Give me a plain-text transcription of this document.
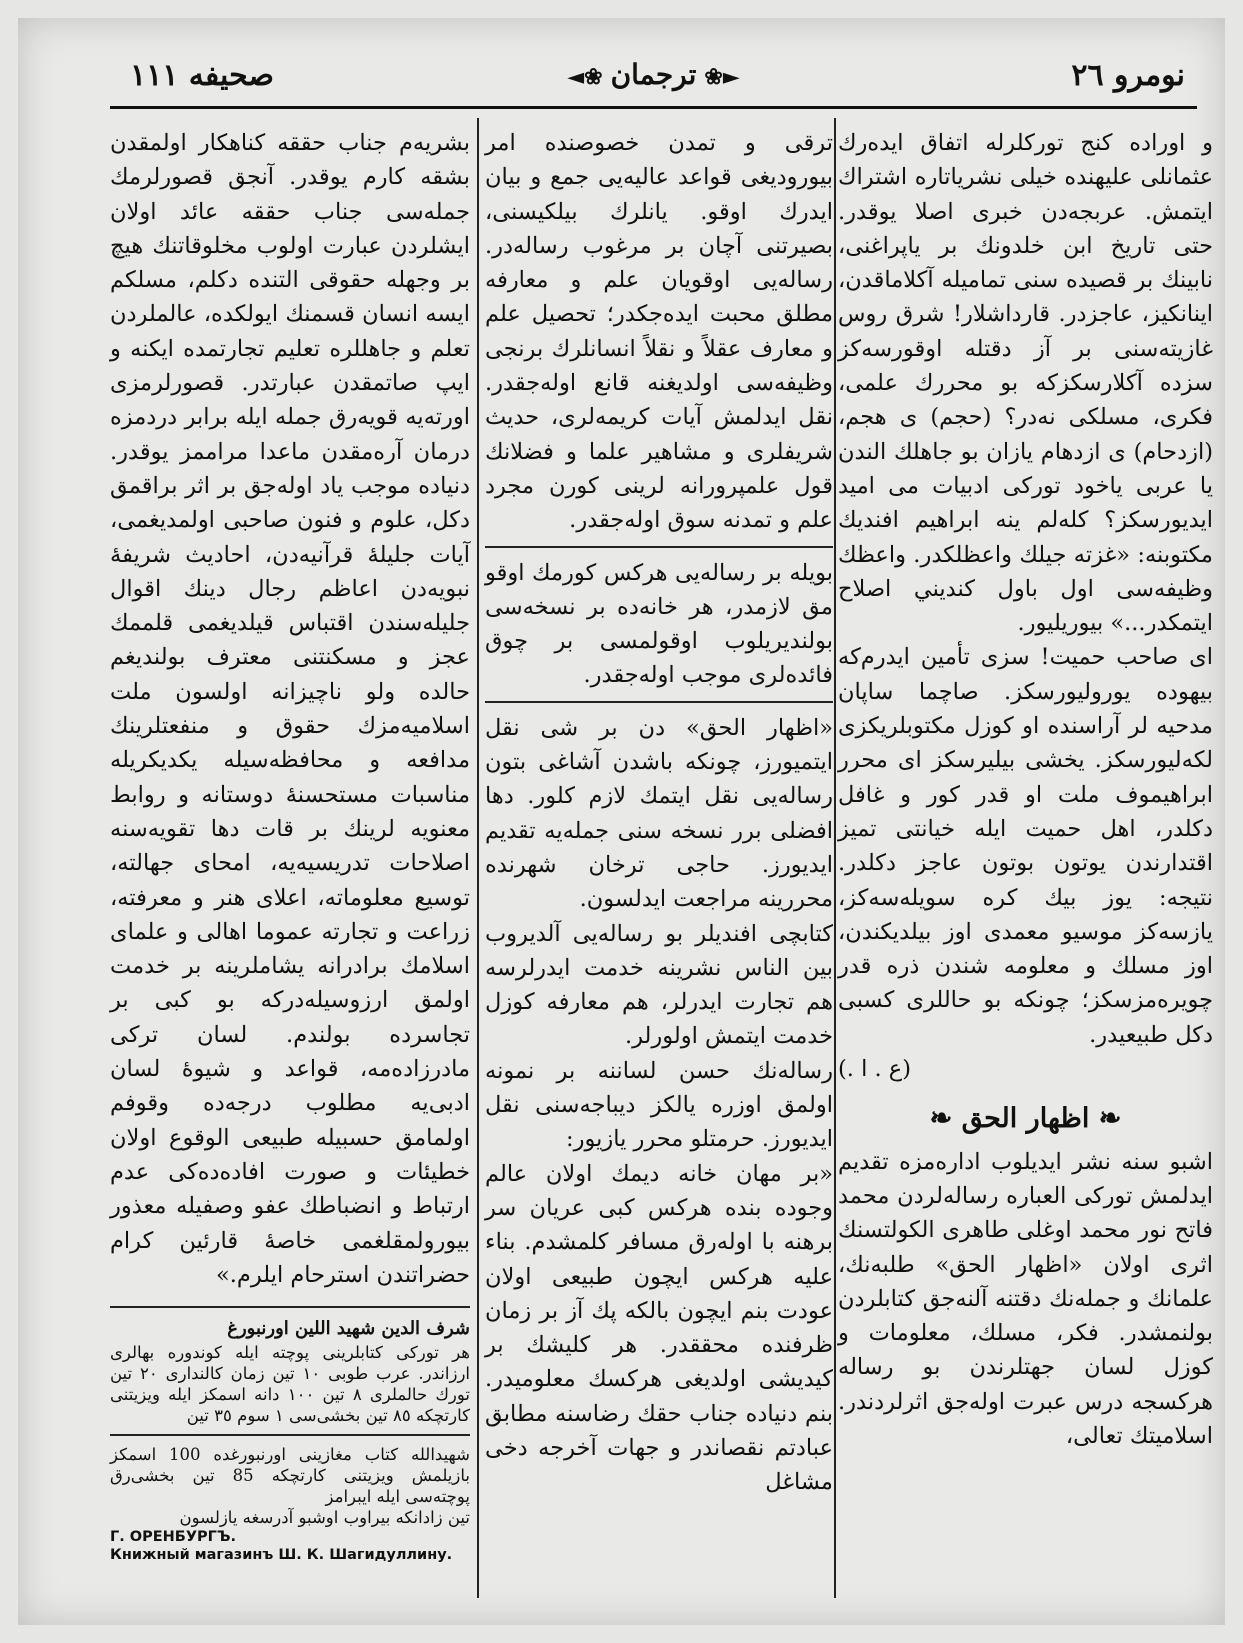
صحيفه ١١١	◄❀ ترجمان ❀►	نومرو ٢٦

و اوراده كنج توركلرله اتفاق ايده‌رك عثمانلى عليهنده خيلى نشرياتاره اشتراك ايتمش. عربجه‌دن خبرى اصلا يوقدر. حتى تاريخ ابن خلدونك بر ياپراغنى، نابينك بر قصيده سنى تماميله آكلاماقدن، اينانكيز، عاجزدر. قارداشلار! شرق روس غازيته‌سنى بر آز دقتله اوقورسه‌كز سزده آكلارسكزكه بو محررك علمى، فكرى، مسلكى نه‌در؟ (حجم) ى هجم، (ازدحام) ى ازدهام يازان بو جاهلك الندن يا عربى ياخود توركى ادبيات مى اميد ايديورسكز؟ كله‌لم ينه ابراهيم افنديك مكتوبنه: «غزته جيلك واعظلكدر. واعظك وظيفه‌سى اول باول كنديني اصلاح ايتمكدر...» بيوريليور.

اى صاحب حميت! سزى تأمين ايدرم‌كه بيهوده يوروليورسكز. صاچما ساپان مدحيه لر آراسنده او كوزل مكتوبلريكزى لكه‌ليورسكز. يخشى بيليرسكز اى محرر ابراهيموف ملت او قدر كور و غافل دكلدر، اهل حميت ايله خيانتى تميز اقتدارندن يوتون بوتون عاجز دكلدر. نتيجه: يوز بيك كره سويله‌سه‌كز، يازسه‌كز موسيو معمدى اوز بيلديكندن، اوز مسلك و معلومه شندن ذره قدر چويره‌مزسكز؛ چونكه بو حاللرى كسبى دكل طبيعيدر.

(ع . ا .)

❧ اظهار الحق ❧

اشبو سنه نشر ايديلوب اداره‌مزه تقديم ايدلمش توركى العباره رساله‌لردن محمد فاتح نور محمد اوغلى طاهرى الكولتسنك اثرى اولان «اظهار الحق» طلبه‌نك، علمانك و جمله‌نك دقتنه آلنه‌جق كتابلردن بولنمشدر. فكر، مسلك، معلومات و كوزل لسان جهتلرندن بو رساله هركسجه درس عبرت اوله‌جق اثرلردندر. اسلاميتك تعالى،

ترقى و تمدن خصوصنده امر بيوروديغى قواعد عاليه‌يى جمع و بيان ايدرك اوقو. يانلرك بيلكيسنى، بصيرتنى آچان بر مرغوب رساله‌در. رساله‌يى اوقويان علم و معارفه مطلق محبت ايده‌جكدر؛ تحصيل علم و معارف عقلاً و نقلاً انسانلرك برنجى وظيفه‌سى اولديغنه قانع اوله‌جقدر. نقل ايدلمش آيات كريمه‌لرى، حديث شريفلرى و مشاهير علما و فضلانك قول علمپرورانه لرينى كورن مجرد علم و تمدنه سوق اوله‌جقدر.

بويله بر رساله‌يى هركس كورمك اوقو مق لازمدر، هر خانه‌ده بر نسخه‌سى بولنديريلوب اوقولمسى بر چوق فائده‌لرى موجب اوله‌جقدر.

«اظهار الحق» دن بر شى نقل ايتميورز، چونكه باشدن آشاغى بتون رساله‌يى نقل ايتمك لازم كلور. دها افضلى برر نسخه سنى جمله‌يه تقديم ايديورز. حاجى ترخان شهرنده محررينه مراجعت ايدلسون.

كتابچى افنديلر بو رساله‌يى آلديروب بين الناس نشرينه خدمت ايدرلرسه هم تجارت ايدرلر، هم معارفه كوزل خدمت ايتمش اولورلر.

رساله‌نك حسن لساننه بر نمونه اولمق اوزره يالكز ديباجه‌سنى نقل ايديورز. حرمتلو محرر يازيور:

«بر مهان خانه ديمك اولان عالم وجوده بنده هركس كبى عريان سر برهنه با اولەرق مسافر كلمشدم. بناء عليه هركس ايچون طبيعى اولان عودت بنم ايچون بالكه پك آز بر زمان ظرفنده محققدر. هر كليشك بر كيديشى اولديغى هركسك معلوميدر. بنم دنياده جناب حقك رضاسنه مطابق عبادتم نقصاندر و جهات آخرجه دخى مشاغل

بشريه‌م جناب حققه كناهكار اولمقدن بشقه كارم يوقدر. آنجق قصورلرمك جمله‌سى جناب حققه عائد اولان ايشلردن عبارت اولوب مخلوقاتنك هيچ بر وجهله حقوقى التنده دكلم، مسلكم ايسه انسان قسمنك ايولكده، عالملردن تعلم و جاهللره تعليم تجارتمده ايكنه و ايپ صاتمقدن عبارتدر. قصورلرمزى اورته‌يه قويه‌رق جمله ايله برابر دردمزه درمان آره‌مقدن ماعدا مراممز يوقدر. دنياده موجب ياد اوله‌جق بر اثر براقمق دكل، علوم و فنون صاحبى اولمديغمى، آيات جليلهٔ قرآنيه‌دن، احاديث شريفهٔ نبويه‌دن اعاظم رجال دينك اقوال جليله‌سندن اقتباس قيلديغمى قلممك عجز و مسكنتنى معترف بولنديغم حالده ولو ناچيزانه اولسون ملت اسلاميه‌مزك حقوق و منفعتلرينك مدافعه و محافظه‌سيله يكديكريله مناسبات مستحسنهٔ دوستانه و روابط معنويه لرينك بر قات دها تقويه‌سنه اصلاحات تدريسيه‌يه، امحاى جهالته، توسيع معلوماته، اعلاى هنر و معرفته، زراعت و تجارته عموما اهالى و علماى اسلامك برادرانه يشاملرينه بر خدمت اولمق ارزوسيله‌دركه بو كبى بر تجاسرده بولندم. لسان تركى مادرزاده‌مه، قواعد و شيوهٔ لسان ادبى‌يه مطلوب درجه‌ده وقوفم اولمامق حسبيله طبيعى الوقوع اولان خطيئات و صورت افاده‌ده‌كى عدم ارتباط و انضباطك عفو وصفيله معذور بيورولمقلغمى خاصهٔ قارئين كرام حضراتندن استرحام ايلرم.»

شرف الدين شهيد اللين اورنبورغ

هر توركى كتابلرينى پوچته ايله كوندوره بهالرى ارزاندر. عرب طوبى ١٠ تين زمان كالنداری ٢٠ تين تورك حالملرى ٨ تين ١٠٠ دانه اسمكز ايله ويزيتنى كارتچكه ٨٥ تين بخشى‌سى ١ سوم ٣٥ تين

شهيدالله كتاب مغازينى اورنبورغده 100 اسمكز بازيلمش ويزيتنى كارتچكه 85 تين بخشى‌رق پوچته‌سى ايله ايبرامز

تين زادانكە بيراوب اوشبو آدرسغه يازلسون

Г. ОРЕНБУРГЪ.
Книжный магазинъ Ш. К. Шагидуллину.
